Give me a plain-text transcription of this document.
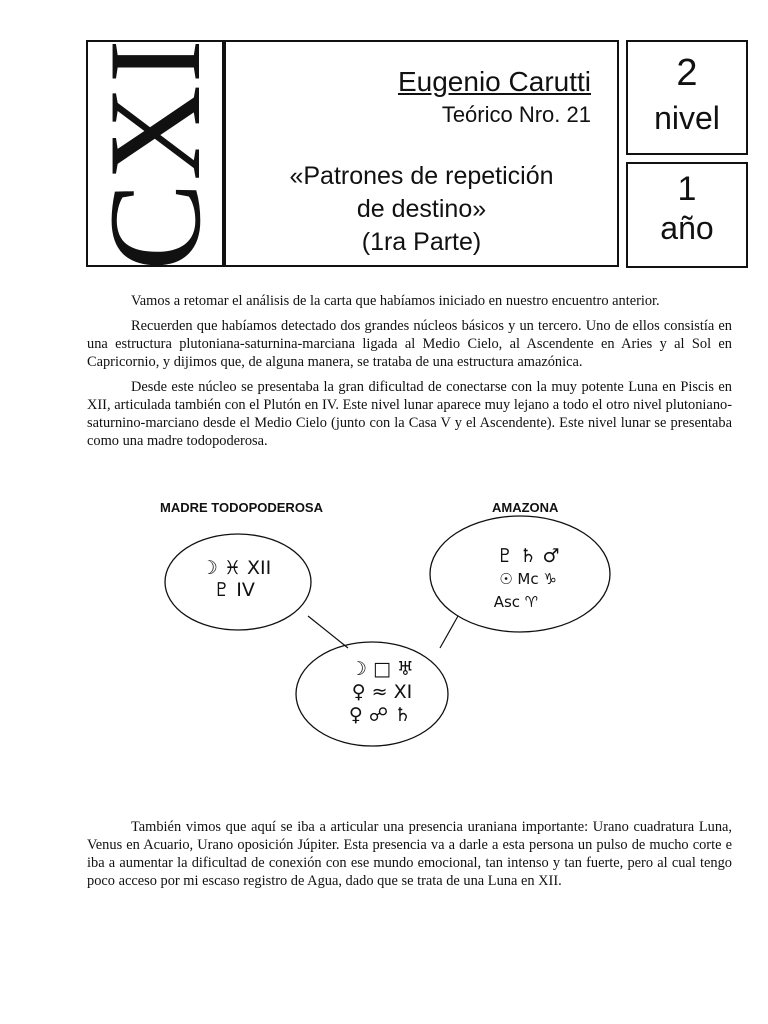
CXI	Eugenio Carutti
Teórico Nro. 21
«Patrones de repetición
de destino»
(1ra Parte)
2
nivel
1
año

Vamos a retomar el análisis de la carta que habíamos iniciado en nuestro encuentro anterior.

Recuerden que habíamos detectado dos grandes núcleos básicos y un tercero. Uno de ellos consistía en una estructura plutoniana-saturnina-marciana ligada al Medio Cielo, al Ascendente en Aries y al Sol en Capricornio, y dijimos que, de alguna manera, se trataba de una estructura amazónica.

Desde este núcleo se presentaba la gran dificultad de conectarse con la muy potente Luna en Piscis en XII, articulada también con el Plutón en IV. Este nivel lunar aparece muy lejano a todo el otro nivel plutoniano-saturnino-marciano desde el Medio Cielo (junto con la Casa V y el Ascendente). Este nivel lunar se presentaba como una madre todopoderosa.

MADRE TODOPODEROSA	AMAZONA
☽ ♓ XII
♇ IV
♇ ♄ ♂
☉ Mc ♑
Asc ♈
☽ □ ♅
♀ ≈ XI
♀ ☍ ♄

También vimos que aquí se iba a articular una presencia uraniana importante: Urano cuadratura Luna, Venus en Acuario, Urano oposición Júpiter. Esta presencia va a darle a esta persona un pulso de mucho corte e iba a aumentar la dificultad de conexión con ese mundo emocional, tan intenso y tan fuerte, pero al cual tengo poco acceso por mi escaso registro de Agua, dado que se trata de una Luna en XII.
